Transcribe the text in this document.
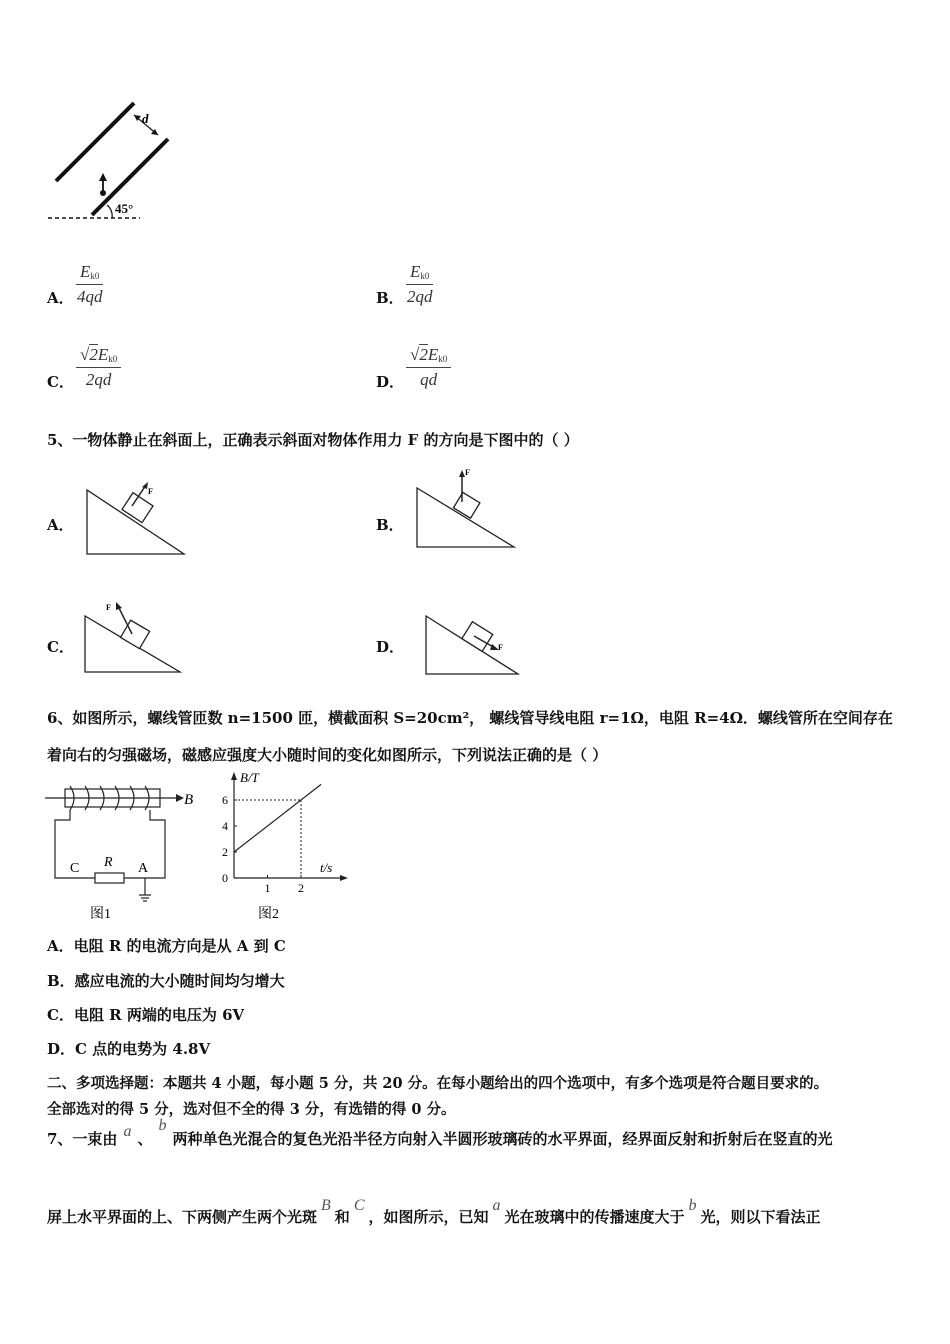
d
45°
A．
$E_{k0}$
4qd	B．
$E_{k0}$
2qd
C．
$√2E_{k0}$
2qd	D．
$√2E_{k0}$
qd
5、一物体静止在斜面上，正确表示斜面对物体作用力 F 的方向是下图中的（ ）
A．
F
B．
F
C．
F
D．	F
6、如图所示，螺线管匝数 n=1500 匝，横截面积 S=20cm²， 螺线管导线电阻 r=1Ω，电阻 R=4Ω．螺线管所在空间存在
着向右的匀强磁场，磁感应强度大小随时间的变化如图所示，下列说法正确的是（ ）
B
R
C	A
图1
B/T
t/s
6
4
2
0
1 2
图2
A．电阻 R 的电流方向是从 A 到 C
B．感应电流的大小随时间均匀增大
C．电阻 R 两端的电压为 6V
D．C 点的电势为 4.8V
二、多项选择题：本题共 4 小题，每小题 5 分，共 20 分。在每小题给出的四个选项中，有多个选项是符合题目要求的。
全部选对的得 5 分，选对但不全的得 3 分，有选错的得 0 分。
7、一束由 a 、b两种单色光混合的复色光沿半径方向射入半圆形玻璃砖的水平界面，经界面反射和折射后在竖直的光
屏上水平界面的上、下两侧产生两个光斑B和C，如图所示，已知a光在玻璃中的传播速度大于b光，则以下看法正
